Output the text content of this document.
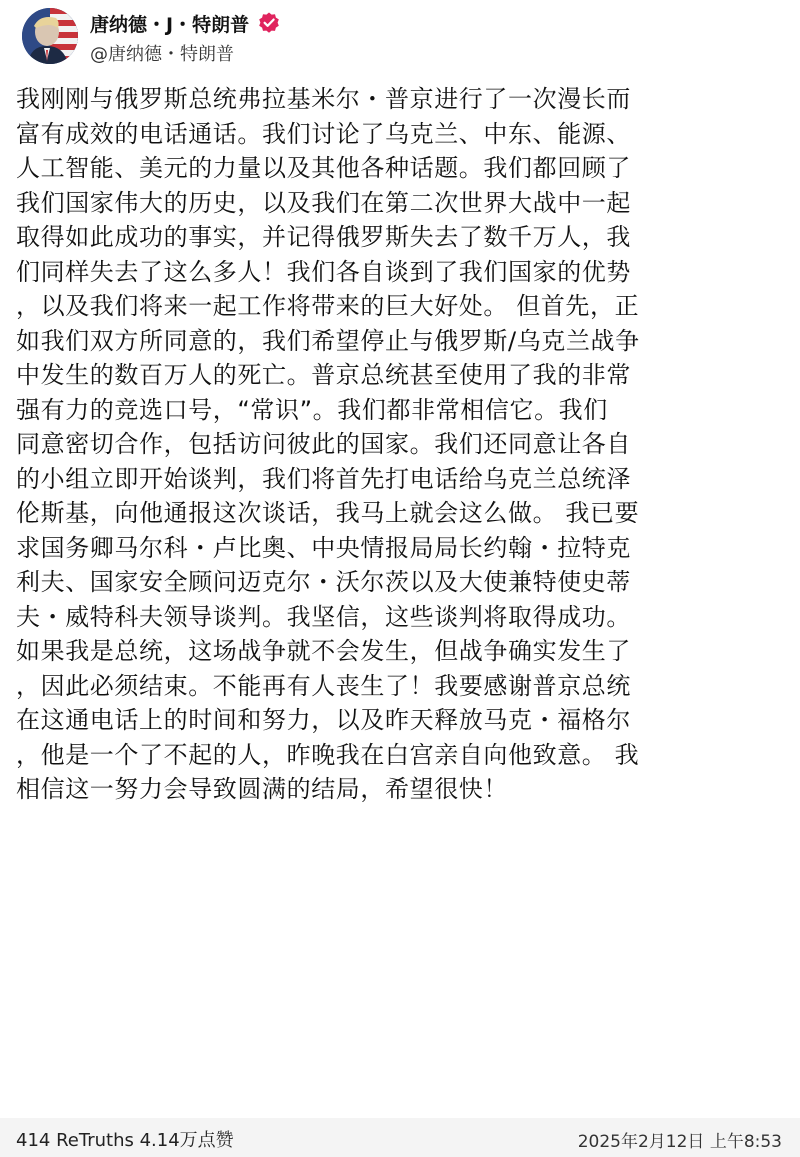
唐纳德・J・特朗普
@唐纳德・特朗普
我刚刚与俄罗斯总统弗拉基米尔・普京进行了一次漫长而
富有成效的电话通话。我们讨论了乌克兰、中东、能源、
人工智能、美元的力量以及其他各种话题。我们都回顾了
我们国家伟大的历史，以及我们在第二次世界大战中一起
取得如此成功的事实，并记得俄罗斯失去了数千万人，我
们同样失去了这么多人！我们各自谈到了我们国家的优势
，以及我们将来一起工作将带来的巨大好处。 但首先，正
如我们双方所同意的，我们希望停止与俄罗斯/乌克兰战争
中发生的数百万人的死亡。普京总统甚至使用了我的非常
强有力的竞选口号，“常识”。我们都非常相信它。我们
同意密切合作，包括访问彼此的国家。我们还同意让各自
的小组立即开始谈判，我们将首先打电话给乌克兰总统泽
伦斯基，向他通报这次谈话，我马上就会这么做。 我已要
求国务卿马尔科・卢比奥、中央情报局局长约翰・拉特克
利夫、国家安全顾问迈克尔・沃尔茨以及大使兼特使史蒂
夫・威特科夫领导谈判。我坚信，这些谈判将取得成功。
如果我是总统，这场战争就不会发生，但战争确实发生了
，因此必须结束。不能再有人丧生了！我要感谢普京总统
在这通电话上的时间和努力，以及昨天释放马克・福格尔
，他是一个了不起的人，昨晚我在白宫亲自向他致意。 我
相信这一努力会导致圆满的结局，希望很快！
414 ReTruths 4.14万点赞	2025年2月12日 上午8:53
